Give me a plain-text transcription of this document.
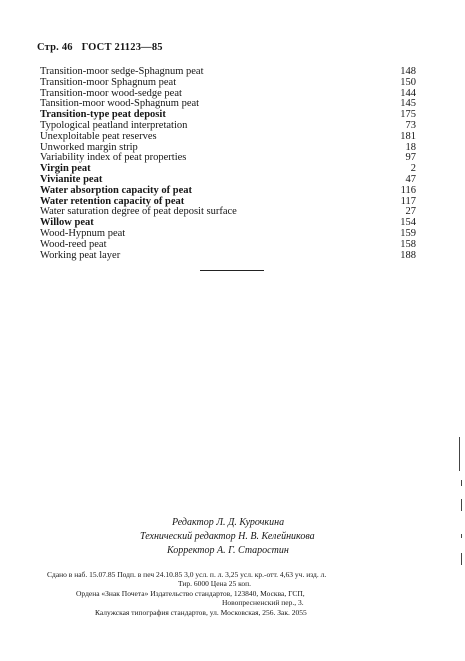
Стр. 46 ГОСТ 21123—85
Transition-moor sedge-Sphagnum peat	148
Transition-moor Sphagnum peat	150
Transition-moor wood-sedge peat	144
Tansition-moor wood-Sphagnum peat	145
Transition-type peat deposit	175
Typological peatland interpretation	73
Unexploitable peat reserves	181
Unworked margin strip	18
Variability index of peat properties	97
Virgin peat	2
Vivianite peat	47
Water absorption capacity of peat	116
Water retention capacity of peat	117
Water saturation degree of peat deposit surface	27
Willow peat	154
Wood-Hypnum peat	159
Wood-reed peat	158
Working peat layer	188
Редактор Л. Д. Курочкина
Технический редактор Н. В. Келейникова
Корректор А. Г. Старостин
Сдано в наб. 15.07.85 Подп. в печ 24.10.85 3,0 усл. п. л. 3,25 усл. кр.-отт. 4,63 уч. изд. л.
Тир. 6000 Цена 25 коп.
Ордена «Знак Почета» Издательство стандартов, 123840, Москва, ГСП,
Новопресненский пер., 3.
Калужская типография стандартов, ул. Московская, 256. Зак. 2055
